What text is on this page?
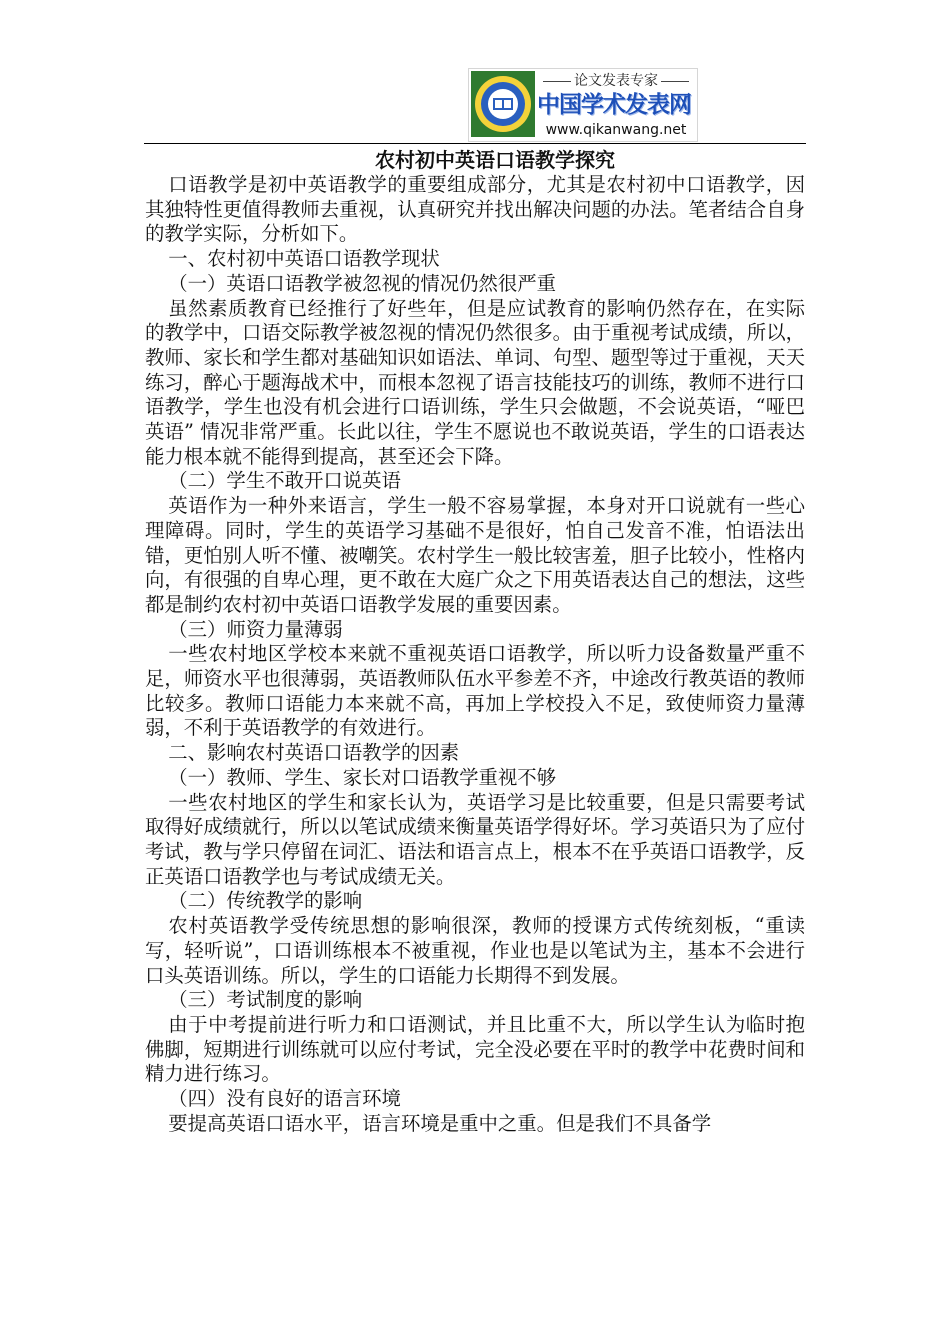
论文发表专家
中国学术发表网
www.qikanwang.net
农村初中英语口语教学探究

口语教学是初中英语教学的重要组成部分，尤其是农村初中口语教学，因其独特性更值得教师去重视，认真研究并找出解决问题的办法。笔者结合自身的教学实际，分析如下。

一、农村初中英语口语教学现状

（一）英语口语教学被忽视的情况仍然很严重

虽然素质教育已经推行了好些年，但是应试教育的影响仍然存在，在实际的教学中，口语交际教学被忽视的情况仍然很多。由于重视考试成绩，所以，教师、家长和学生都对基础知识如语法、单词、句型、题型等过于重视，天天练习，醉心于题海战术中，而根本忽视了语言技能技巧的训练，教师不进行口语教学，学生也没有机会进行口语训练，学生只会做题，不会说英语，“哑巴英语” 情况非常严重。长此以往，学生不愿说也不敢说英语，学生的口语表达能力根本就不能得到提高，甚至还会下降。

（二）学生不敢开口说英语

英语作为一种外来语言，学生一般不容易掌握，本身对开口说就有一些心理障碍。同时，学生的英语学习基础不是很好，怕自己发音不准，怕语法出错，更怕别人听不懂、被嘲笑。农村学生一般比较害羞，胆子比较小，性格内向，有很强的自卑心理，更不敢在大庭广众之下用英语表达自己的想法，这些都是制约农村初中英语口语教学发展的重要因素。

（三）师资力量薄弱

一些农村地区学校本来就不重视英语口语教学，所以听力设备数量严重不足，师资水平也很薄弱，英语教师队伍水平参差不齐，中途改行教英语的教师比较多。教师口语能力本来就不高，再加上学校投入不足，致使师资力量薄弱，不利于英语教学的有效进行。

二、影响农村英语口语教学的因素

（一）教师、学生、家长对口语教学重视不够

一些农村地区的学生和家长认为，英语学习是比较重要，但是只需要考试取得好成绩就行，所以以笔试成绩来衡量英语学得好坏。学习英语只为了应付考试，教与学只停留在词汇、语法和语言点上，根本不在乎英语口语教学，反正英语口语教学也与考试成绩无关。

（二）传统教学的影响

农村英语教学受传统思想的影响很深，教师的授课方式传统刻板，“重读写，轻听说”，口语训练根本不被重视，作业也是以笔试为主，基本不会进行口头英语训练。所以，学生的口语能力长期得不到发展。

（三）考试制度的影响

由于中考提前进行听力和口语测试，并且比重不大，所以学生认为临时抱佛脚，短期进行训练就可以应付考试，完全没必要在平时的教学中花费时间和精力进行练习。

（四）没有良好的语言环境

要提高英语口语水平，语言环境是重中之重。但是我们不具备学
